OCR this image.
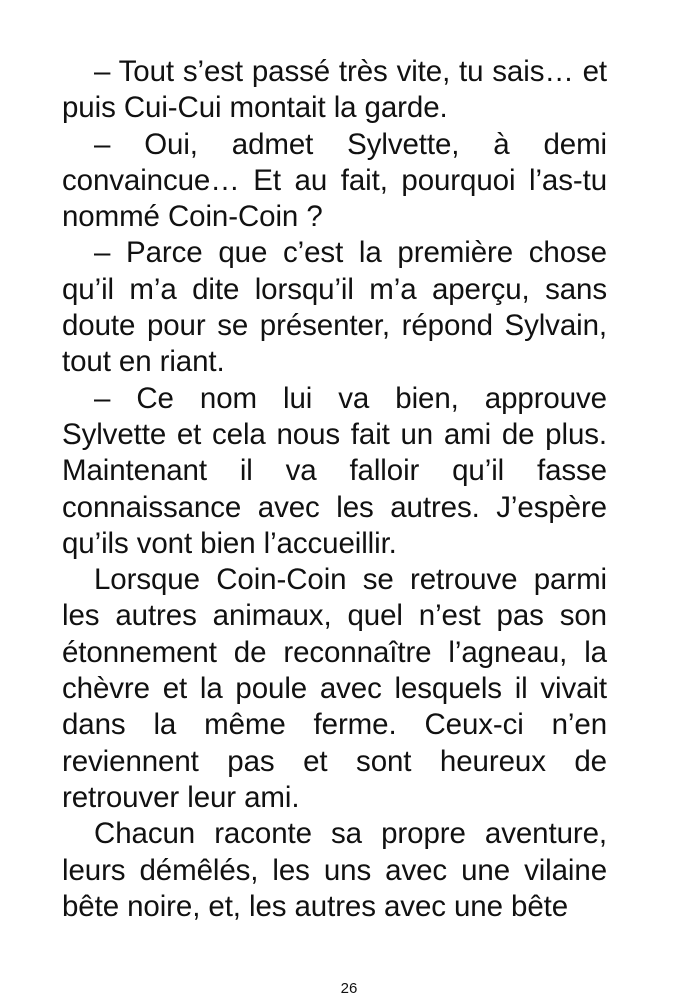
– Tout s’est passé très vite, tu sais… et puis Cui-Cui montait la garde.

– Oui, admet Sylvette, à demi convaincue… Et au fait, pourquoi l’as-tu nommé Coin-Coin ?

– Parce que c’est la première chose qu’il m’a dite lorsqu’il m’a aperçu, sans doute pour se présenter, répond Sylvain, tout en riant.

– Ce nom lui va bien, approuve Sylvette et cela nous fait un ami de plus. Maintenant il va falloir qu’il fasse connaissance avec les autres. J’espère qu’ils vont bien l’accueillir.

Lorsque Coin-Coin se retrouve parmi les autres animaux, quel n’est pas son étonnement de reconnaître l’agneau, la chèvre et la poule avec lesquels il vivait dans la même ferme. Ceux-ci n’en reviennent pas et sont heureux de retrouver leur ami.

Chacun raconte sa propre aventure, leurs démêlés, les uns avec une vilaine bête noire, et, les autres avec une bête

26
